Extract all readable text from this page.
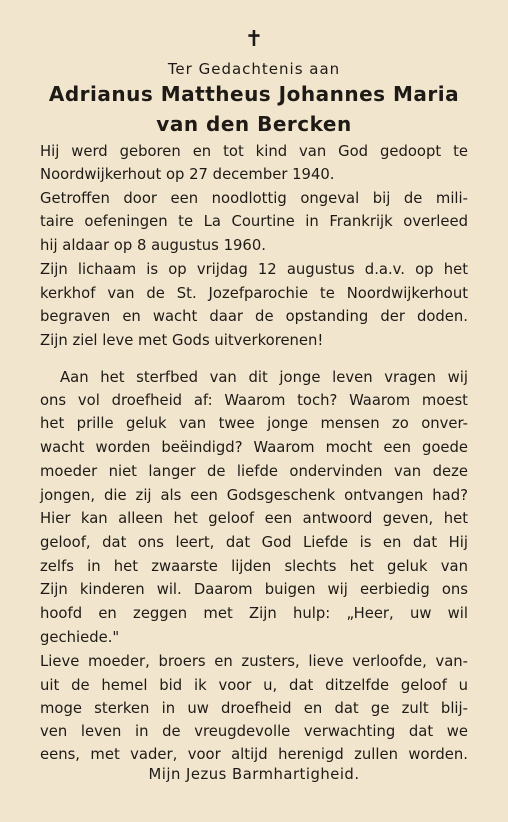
✝
Ter Gedachtenis aan
Adrianus Mattheus Johannes Maria
van den Bercken
Hij werd geboren en tot kind van God gedoopt te
Noordwijkerhout op 27 december 1940.
Getroffen door een noodlottig ongeval bij de mili-
taire oefeningen te La Courtine in Frankrijk overleed
hij aldaar op 8 augustus 1960.
Zijn lichaam is op vrijdag 12 augustus d.a.v. op het
kerkhof van de St. Jozefparochie te Noordwijkerhout
begraven en wacht daar de opstanding der doden.
Zijn ziel leve met Gods uitverkorenen!
Aan het sterfbed van dit jonge leven vragen wij
ons vol droefheid af: Waarom toch? Waarom moest
het prille geluk van twee jonge mensen zo onver-
wacht worden beëindigd? Waarom mocht een goede
moeder niet langer de liefde ondervinden van deze
jongen, die zij als een Godsgeschenk ontvangen had?
Hier kan alleen het geloof een antwoord geven, het
geloof, dat ons leert, dat God Liefde is en dat Hij
zelfs in het zwaarste lijden slechts het geluk van
Zijn kinderen wil. Daarom buigen wij eerbiedig ons
hoofd en zeggen met Zijn hulp: „Heer, uw wil
gechiede."
Lieve moeder, broers en zusters, lieve verloofde, van-
uit de hemel bid ik voor u, dat ditzelfde geloof u
moge sterken in uw droefheid en dat ge zult blij-
ven leven in de vreugdevolle verwachting dat we
eens, met vader, voor altijd herenigd zullen worden.
Mijn Jezus Barmhartigheid.
